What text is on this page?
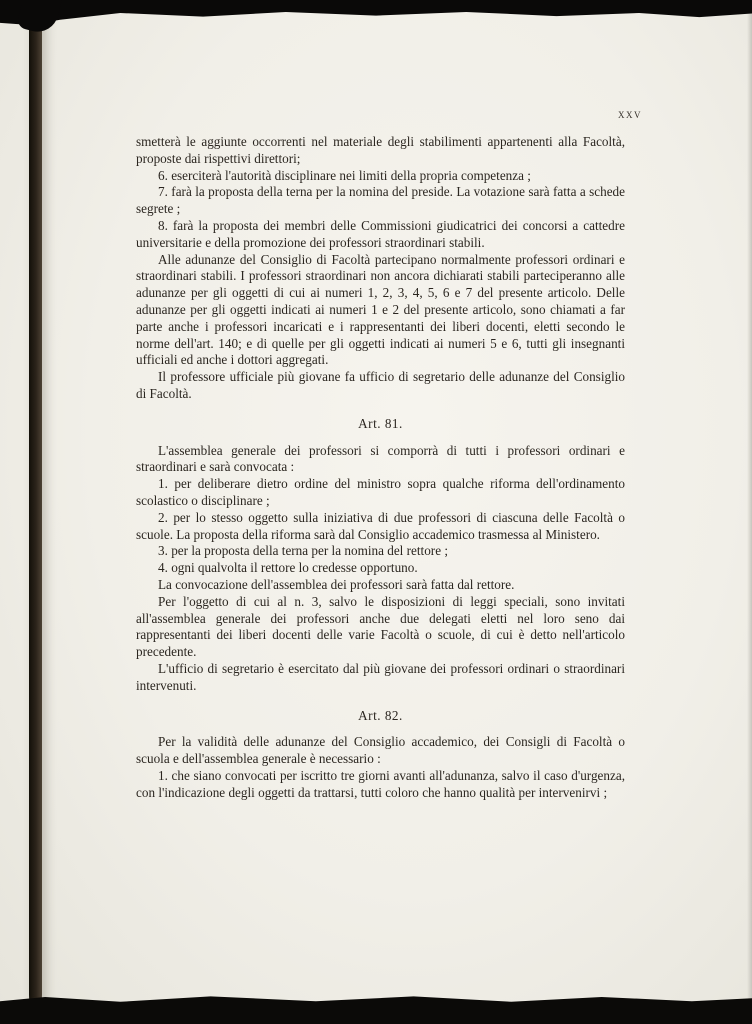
xxv

smetterà le aggiunte occorrenti nel materiale degli stabilimenti appartenenti alla Facoltà, proposte dai rispettivi direttori;

6. eserciterà l'autorità disciplinare nei limiti della propria competenza ;

7. farà la proposta della terna per la nomina del preside. La votazione sarà fatta a schede segrete ;

8. farà la proposta dei membri delle Commissioni giudicatrici dei concorsi a cattedre universitarie e della promozione dei professori straordinari stabili.

Alle adunanze del Consiglio di Facoltà partecipano normalmente professori ordinari e straordinari stabili. I professori straordinari non ancora dichiarati stabili parteciperanno alle adunanze per gli oggetti di cui ai numeri 1, 2, 3, 4, 5, 6 e 7 del presente articolo. Delle adunanze per gli oggetti indicati ai numeri 1 e 2 del presente articolo, sono chiamati a far parte anche i professori incaricati e i rappresentanti dei liberi docenti, eletti secondo le norme dell'art. 140; e di quelle per gli oggetti indicati ai numeri 5 e 6, tutti gli insegnanti ufficiali ed anche i dottori aggregati.

Il professore ufficiale più giovane fa ufficio di segretario delle adunanze del Consiglio di Facoltà.

Art. 81.

L'assemblea generale dei professori si comporrà di tutti i professori ordinari e straordinari e sarà convocata :

1. per deliberare dietro ordine del ministro sopra qualche riforma dell'ordinamento scolastico o disciplinare ;

2. per lo stesso oggetto sulla iniziativa di due professori di ciascuna delle Facoltà o scuole. La proposta della riforma sarà dal Consiglio accademico trasmessa al Ministero.

3. per la proposta della terna per la nomina del rettore ;

4. ogni qualvolta il rettore lo credesse opportuno.

La convocazione dell'assemblea dei professori sarà fatta dal rettore.

Per l'oggetto di cui al n. 3, salvo le disposizioni di leggi speciali, sono invitati all'assemblea generale dei professori anche due delegati eletti nel loro seno dai rappresentanti dei liberi docenti delle varie Facoltà o scuole, di cui è detto nell'articolo precedente.

L'ufficio di segretario è esercitato dal più giovane dei professori ordinari o straordinari intervenuti.

Art. 82.

Per la validità delle adunanze del Consiglio accademico, dei Consigli di Facoltà o scuola e dell'assemblea generale è necessario :

1. che siano convocati per iscritto tre giorni avanti all'adunanza, salvo il caso d'urgenza, con l'indicazione degli oggetti da trattarsi, tutti coloro che hanno qualità per intervenirvi ;
